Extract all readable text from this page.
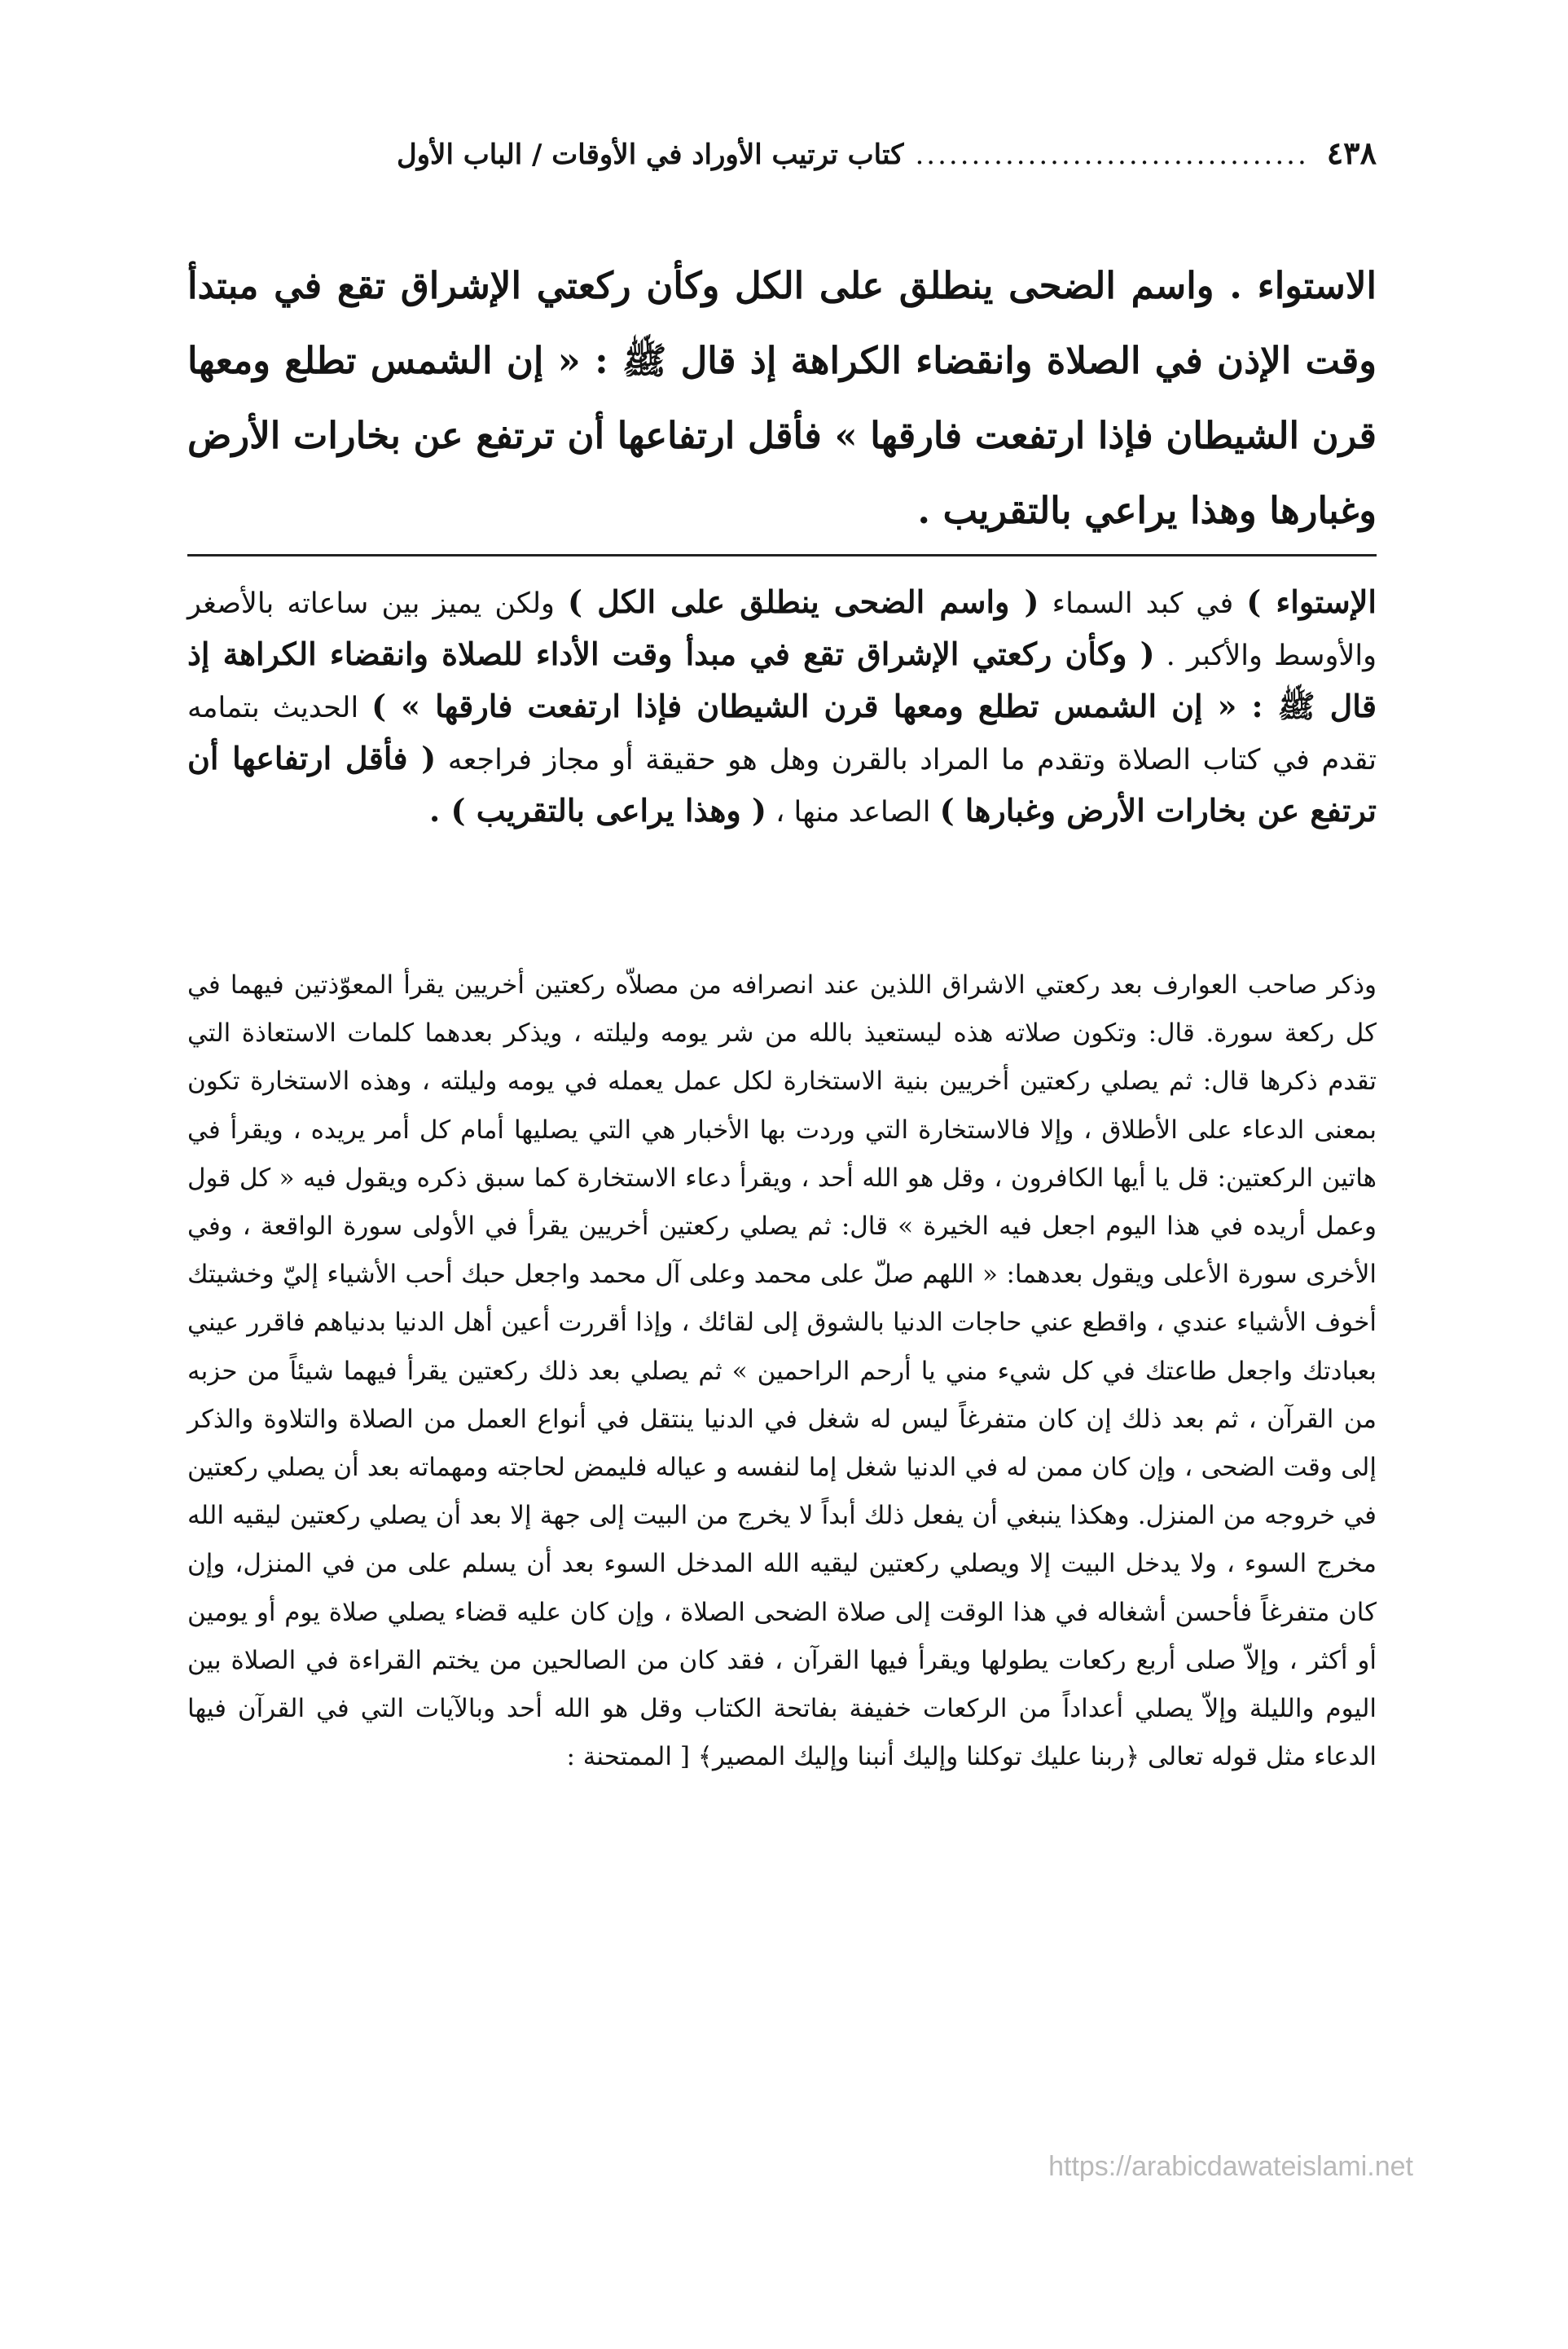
٤٣٨
...................................
كتاب ترتيب الأوراد في الأوقات / الباب الأول
الاستواء . واسم الضحى ينطلق على الكل وكأن ركعتي الإشراق تقع في مبتدأ وقت الإذن في الصلاة وانقضاء الكراهة إذ قال ﷺ : « إن الشمس تطلع ومعها قرن الشيطان فإذا ارتفعت فارقها » فأقل ارتفاعها أن ترتفع عن بخارات الأرض وغبارها وهذا يراعي بالتقريب .
الإستواء ) في كبد السماء ( واسم الضحى ينطلق على الكل ) ولكن يميز بين ساعاته بالأصغر والأوسط والأكبر . ( وكأن ركعتي الإشراق تقع في مبدأ وقت الأداء للصلاة وانقضاء الكراهة إذ قال ﷺ : « إن الشمس تطلع ومعها قرن الشيطان فإذا ارتفعت فارقها » ) الحديث بتمامه تقدم في كتاب الصلاة وتقدم ما المراد بالقرن وهل هو حقيقة أو مجاز فراجعه ( فأقل ارتفاعها أن ترتفع عن بخارات الأرض وغبارها ) الصاعد منها ، ( وهذا يراعى بالتقريب ) .
وذكر صاحب العوارف بعد ركعتي الاشراق اللذين عند انصرافه من مصلاّه ركعتين أخريين يقرأ المعوّذتين فيهما في كل ركعة سورة. قال: وتكون صلاته هذه ليستعيذ بالله من شر يومه وليلته ، ويذكر بعدهما كلمات الاستعاذة التي تقدم ذكرها قال: ثم يصلي ركعتين أخريين بنية الاستخارة لكل عمل يعمله في يومه وليلته ، وهذه الاستخارة تكون بمعنى الدعاء على الأطلاق ، وإلا فالاستخارة التي وردت بها الأخبار هي التي يصليها أمام كل أمر يريده ، ويقرأ في هاتين الركعتين: قل يا أيها الكافرون ، وقل هو الله أحد ، ويقرأ دعاء الاستخارة كما سبق ذكره ويقول فيه « كل قول وعمل أريده في هذا اليوم اجعل فيه الخيرة » قال: ثم يصلي ركعتين أخريين يقرأ في الأولى سورة الواقعة ، وفي الأخرى سورة الأعلى ويقول بعدهما: « اللهم صلّ على محمد وعلى آل محمد واجعل حبك أحب الأشياء إليّ وخشيتك أخوف الأشياء عندي ، واقطع عني حاجات الدنيا بالشوق إلى لقائك ، وإذا أقررت أعين أهل الدنيا بدنياهم فاقرر عيني بعبادتك واجعل طاعتك في كل شيء مني يا أرحم الراحمين » ثم يصلي بعد ذلك ركعتين يقرأ فيهما شيئاً من حزبه من القرآن ، ثم بعد ذلك إن كان متفرغاً ليس له شغل في الدنيا ينتقل في أنواع العمل من الصلاة والتلاوة والذكر إلى وقت الضحى ، وإن كان ممن له في الدنيا شغل إما لنفسه و عياله فليمض لحاجته ومهماته بعد أن يصلي ركعتين في خروجه من المنزل. وهكذا ينبغي أن يفعل ذلك أبداً لا يخرج من البيت إلى جهة إلا بعد أن يصلي ركعتين ليقيه الله مخرج السوء ، ولا يدخل البيت إلا ويصلي ركعتين ليقيه الله المدخل السوء بعد أن يسلم على من في المنزل، وإن كان متفرغاً فأحسن أشغاله في هذا الوقت إلى صلاة الضحى الصلاة ، وإن كان عليه قضاء يصلي صلاة يوم أو يومين أو أكثر ، وإلاّ صلى أربع ركعات يطولها ويقرأ فيها القرآن ، فقد كان من الصالحين من يختم القراءة في الصلاة بين اليوم والليلة وإلاّ يصلي أعداداً من الركعات خفيفة بفاتحة الكتاب وقل هو الله أحد وبالآيات التي في القرآن فيها الدعاء مثل قوله تعالى ﴿ربنا عليك توكلنا وإليك أنبنا وإليك المصير﴾ [ الممتحنة :
https://arabicdawateislami.net
